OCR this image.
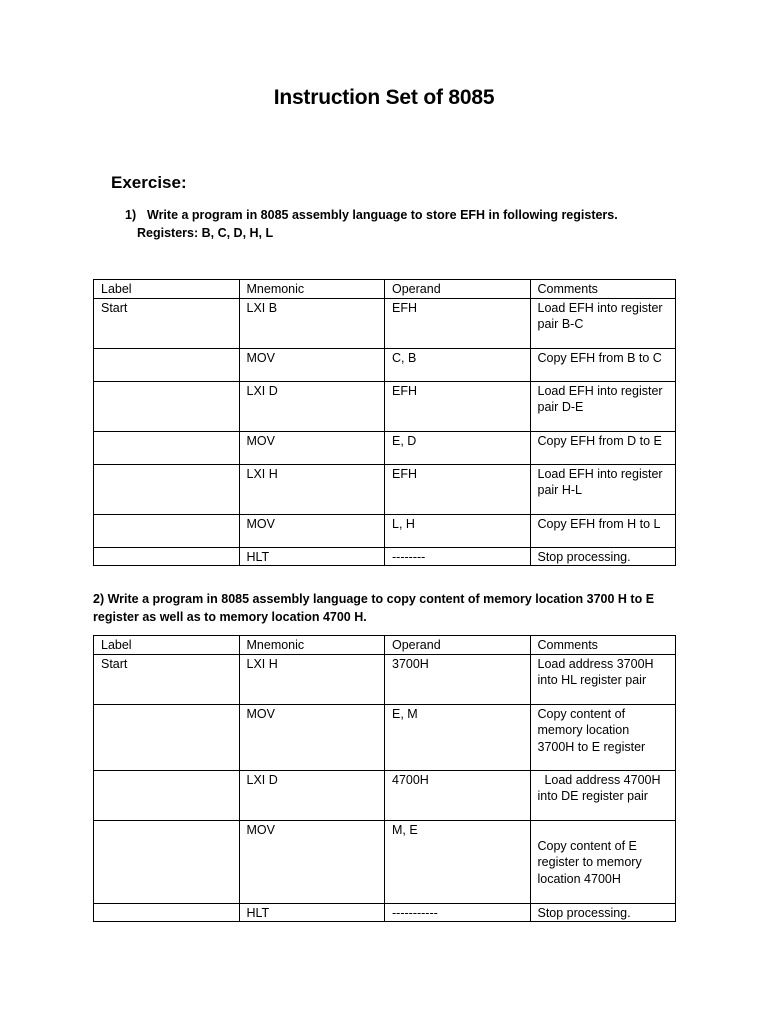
Instruction Set of 8085
Exercise:
1) Write a program in 8085 assembly language to store EFH in following registers.
Registers: B, C, D, H, L
Label	Mnemonic	Operand	Comments
Start	LXI B	EFH	Load EFH into register pair B-C
	MOV	C, B	Copy EFH from B to C
	LXI D	EFH	Load EFH into register pair D-E
	MOV	E, D	Copy EFH from D to E
	LXI H	EFH	Load EFH into register pair H-L
	MOV	L, H	Copy EFH from H to L
	HLT	--------	Stop processing.
2) Write a program in 8085 assembly language to copy content of memory location 3700 H to E register as well as to memory location 4700 H.
Label	Mnemonic	Operand	Comments
Start	LXI H	3700H	Load address 3700H into HL register pair
	MOV	E, M	Copy content of memory location 3700H to E register
	LXI D	4700H	Load address 4700H into DE register pair
	MOV	M, E	Copy content of E register to memory location 4700H
	HLT	-----------	Stop processing.
